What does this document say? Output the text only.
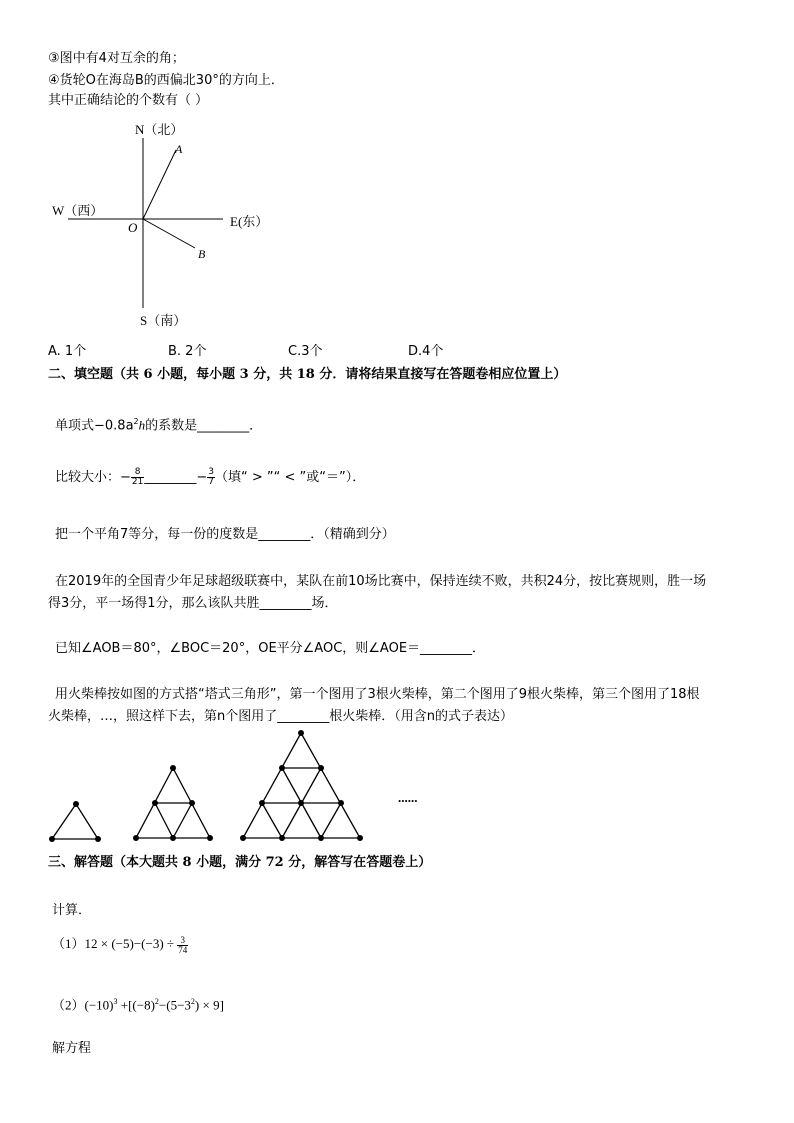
③图中有4对互余的角；
④货轮O在海岛B的西偏北30°的方向上．
其中正确结论的个数有（ ）
N（北）
W（西）
E(东）
S（南）
O
A
B
A. 1个	B. 2个	C.3个	D.4个
二、填空题（共 6 小题，每小题 3 分，共 18 分．请将结果直接写在答题卷相应位置上）
单项式$-0.8a^2h$的系数是________．
比较大小：− $\frac{8}{21}$ ________− $\frac{3}{7}$ （填“ > ”“ < ”或“＝”）．
把一个平角7等分，每一份的度数是________．（精确到分）
在2019年的全国青少年足球超级联赛中，某队在前10场比赛中，保持连续不败，共积24分，按比赛规则，胜一场
得3分，平一场得1分，那么该队共胜________场．
已知∠AOB＝80°，∠BOC＝20°，OE平分∠AOC，则∠AOE＝________．
用火柴棒按如图的方式搭“塔式三角形”，第一个图用了3根火柴棒，第二个图用了9根火柴棒，第三个图用了18根
火柴棒，…，照这样下去，第n个图用了________根火柴棒．（用含n的式子表达）
......
三、解答题（本大题共 8 小题，满分 72 分，解答写在答题卷上）
计算．
$(1)12 \times (-5)-(-3) \div \frac{3}{74}$
$(2)(-10)^3 +[(-8)^2-(5-3^2) \times 9]$
解方程
